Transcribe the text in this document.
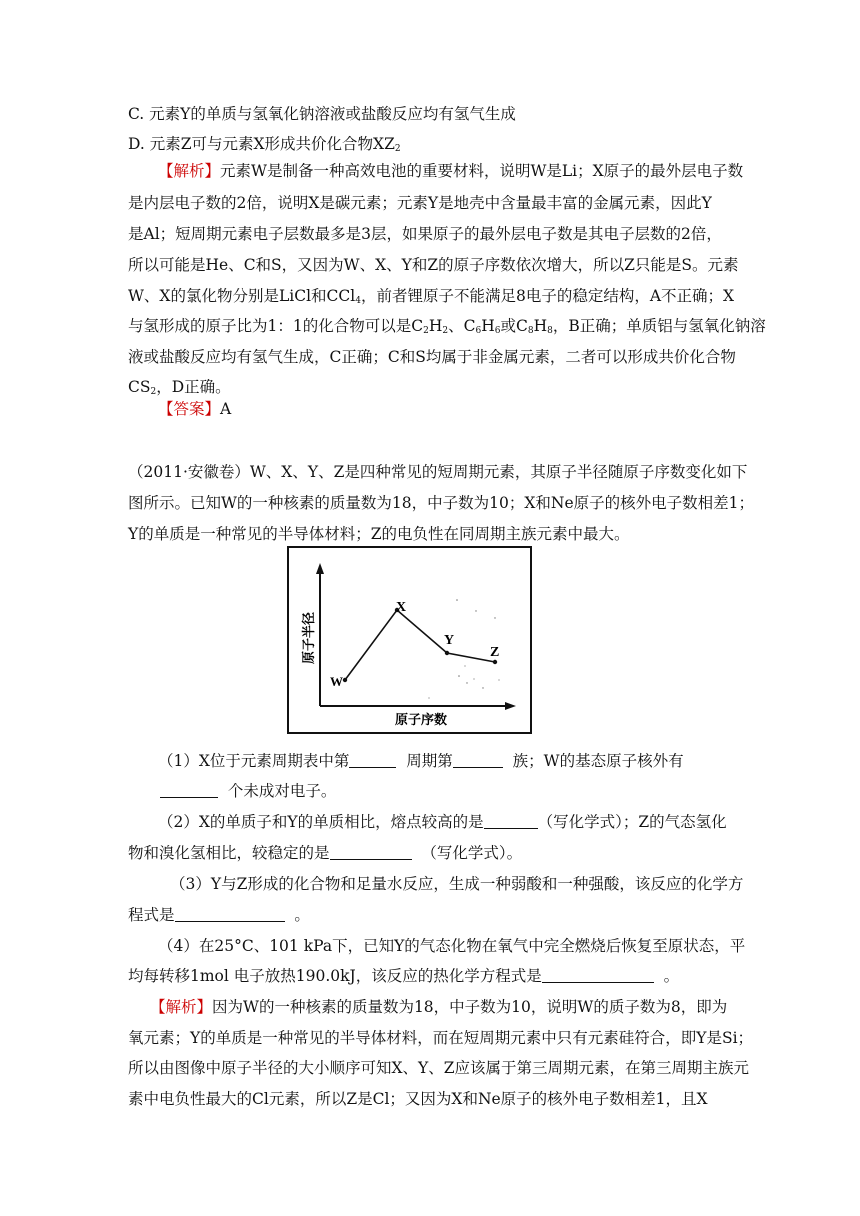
C. 元素Y的单质与氢氧化钠溶液或盐酸反应均有氢气生成
D. 元素Z可与元素X形成共价化合物$XZ_2$
【解析】元素W是制备一种高效电池的重要材料，说明W是Li；X原子的最外层电子数
是内层电子数的2倍，说明X是碳元素；元素Y是地壳中含量最丰富的金属元素，因此Y
是Al；短周期元素电子层数最多是3层，如果原子的最外层电子数是其电子层数的2倍，
所以可能是He、C和S，又因为W、X、Y和Z的原子序数依次增大，所以Z只能是S。元素
W、X的氯化物分别是LiCl和CCl$_4$，前者锂原子不能满足8电子的稳定结构，A不正确；X
与氢形成的原子比为1：1的化合物可以是$C_2H_2$、$C_6H_6$或$C_8H_8$，B正确；单质铝与氢氧化钠溶
液或盐酸反应均有氢气生成，C正确；C和S均属于非金属元素，二者可以形成共价化合物
$CS_2$，D正确。
【答案】A
（2011·安徽卷）W、X、Y、Z是四种常见的短周期元素，其原子半径随原子序数变化如下
图所示。已知W的一种核素的质量数为18，中子数为10；X和Ne原子的核外电子数相差1；
Y的单质是一种常见的半导体材料；Z的电负性在同周期主族元素中最大。
W
X
Y
Z
原子半径
原子序数
（1）X位于元素周期表中第	周期第	族；W的基态原子核外有
个未成对电子。
（2）X的单质子和Y的单质相比，熔点较高的是	（写化学式）；Z的气态氢化
物和溴化氢相比，较稳定的是	（写化学式）。
（3）Y与Z形成的化合物和足量水反应，生成一种弱酸和一种强酸，该反应的化学方
程式是	。
（4）在25°C、101 kPa下，已知Y的气态化物在氧气中完全燃烧后恢复至原状态，平
均每转移1mol 电子放热190.0kJ，该反应的热化学方程式是	。
【解析】因为W的一种核素的质量数为18，中子数为10，说明W的质子数为8，即为
氧元素；Y的单质是一种常见的半导体材料，而在短周期元素中只有元素硅符合，即Y是Si；
所以由图像中原子半径的大小顺序可知X、Y、Z应该属于第三周期元素，在第三周期主族元
素中电负性最大的Cl元素，所以Z是Cl；又因为X和Ne原子的核外电子数相差1，且X
